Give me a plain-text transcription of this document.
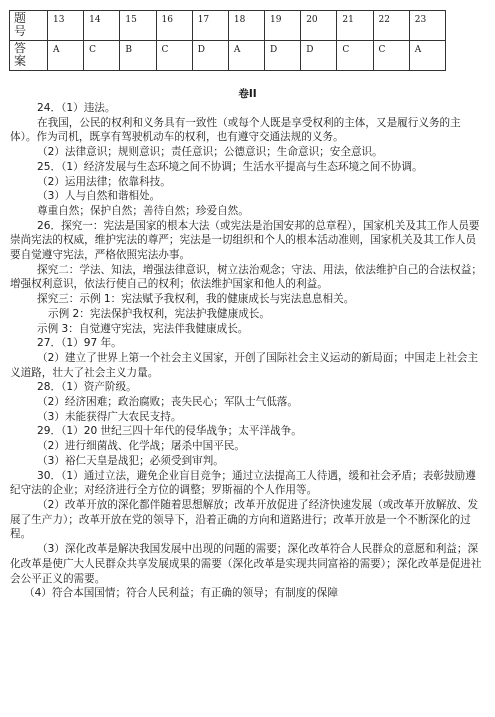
题号	13	14	15	16	17	18	19	20	21	22	23

答案	A	C	B	C	D	A	D	D	C	C	A
卷II

24．（1）违法。

在我国，公民的权利和义务具有一致性（或每个人既是享受权利的主体，又是履行义务的主体）。作为司机，既享有驾驶机动车的权利，也有遵守交通法规的义务。

（2）法律意识；规则意识；责任意识；公德意识；生命意识；安全意识。

25．（1）经济发展与生态环境之间不协调；生活水平提高与生态环境之间不协调。

（2）运用法律；依靠科技。

（3）人与自然和谐相处。

尊重自然；保护自然；善待自然；珍爱自然。

26．探究一：宪法是国家的根本大法（或宪法是治国安邦的总章程），国家机关及其工作人员要崇尚宪法的权威，维护宪法的尊严；宪法是一切组织和个人的根本活动准则，国家机关及其工作人员要自觉遵守宪法，严格依照宪法办事。

探究二：学法、知法，增强法律意识，树立法治观念；守法、用法，依法维护自己的合法权益；增强权利意识，依法行使自己的权利；依法维护国家和他人的利益。

探究三：示例 1：宪法赋予我权利，我的健康成长与宪法息息相关。

示例 2：宪法保护我权利，宪法护我健康成长。

示例 3：自觉遵守宪法，宪法伴我健康成长。

27．（1）97 年。

（2）建立了世界上第一个社会主义国家，开创了国际社会主义运动的新局面；中国走上社会主义道路，壮大了社会主义力量。

28．（1）资产阶级。

（2）经济困难；政治腐败；丧失民心；军队士气低落。

（3）未能获得广大农民支持。

29．（1）20 世纪三四十年代的侵华战争；太平洋战争。

（2）进行细菌战、化学战；屠杀中国平民。

（3）裕仁天皇是战犯；必须受到审判。

30．（1）通过立法，避免企业盲目竞争；通过立法提高工人待遇，缓和社会矛盾；表彰鼓励遵纪守法的企业；对经济进行全方位的调整；罗斯福的个人作用等。

（2）改革开放的深化都伴随着思想解放；改革开放促进了经济快速发展（或改革开放解放、发展了生产力）；改革开放在党的领导下，沿着正确的方向和道路进行；改革开放是一个不断深化的过程。

（3）深化改革是解决我国发展中出现的问题的需要；深化改革符合人民群众的意愿和利益；深化改革是使广大人民群众共享发展成果的需要（深化改革是实现共同富裕的需要）；深化改革是促进社会公平正义的需要。

（4）符合本国国情；符合人民利益；有正确的领导；有制度的保障
